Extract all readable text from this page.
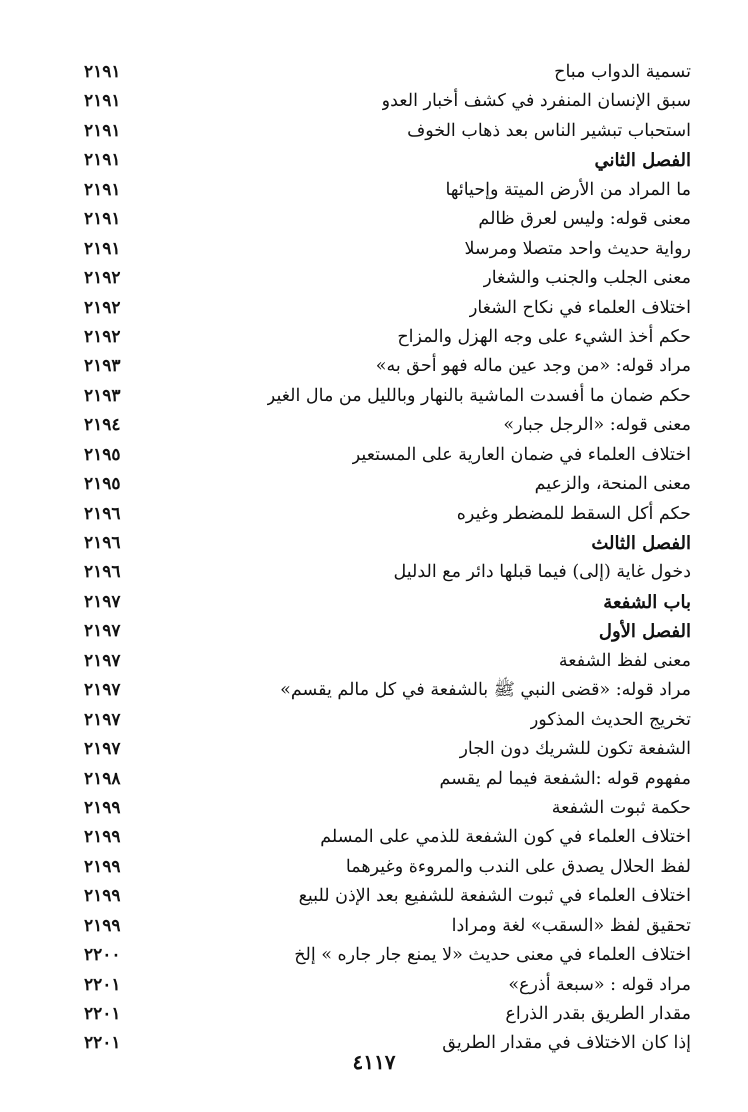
تسمية الدواب مباح
٢١٩١
سبق الإنسان المنفرد في كشف أخبار العدو
٢١٩١
استحباب تبشير الناس بعد ذهاب الخوف
٢١٩١
الفصل الثاني
٢١٩١
ما المراد من الأرض الميتة وإحيائها
٢١٩١
معنى قوله: وليس لعرق ظالم
٢١٩١
رواية حديث واحد متصلا ومرسلا
٢١٩١
معنى الجلب والجنب والشغار
٢١٩٢
اختلاف العلماء في نكاح الشغار
٢١٩٢
حكم أخذ الشيء على وجه الهزل والمزاح
٢١٩٢
مراد قوله: «من وجد عين ماله فهو أحق به»
٢١٩٣
حكم ضمان ما أفسدت الماشية بالنهار وبالليل من مال الغير
٢١٩٣
معنى قوله: «الرجل جبار»
٢١٩٤
اختلاف العلماء في ضمان العارية على المستعير
٢١٩٥
معنى المنحة، والزعيم
٢١٩٥
حكم أكل السقط للمضطر وغيره
٢١٩٦
الفصل الثالث
٢١٩٦
دخول غاية (إلى) فيما قبلها دائر مع الدليل
٢١٩٦
باب الشفعة
٢١٩٧
الفصل الأول
٢١٩٧
معنى لفظ الشفعة
٢١٩٧
مراد قوله: «قضى النبي ﷺ بالشفعة في كل مالم يقسم»
٢١٩٧
تخريج الحديث المذكور
٢١٩٧
الشفعة تكون للشريك دون الجار
٢١٩٧
مفهوم قوله :الشفعة فيما لم يقسم
٢١٩٨
حكمة ثبوت الشفعة
٢١٩٩
اختلاف العلماء في كون الشفعة للذمي على المسلم
٢١٩٩
لفظ الحلال يصدق على الندب والمروءة وغيرهما
٢١٩٩
اختلاف العلماء في ثبوت الشفعة للشفيع بعد الإذن للبيع
٢١٩٩
تحقيق لفظ «السقب» لغة ومرادا
٢١٩٩
اختلاف العلماء في معنى حديث «لا يمنع جار جاره » إلخ
٢٢٠٠
مراد قوله : «سبعة أذرع»
٢٢٠١
مقدار الطريق بقدر الذراع
٢٢٠١
إذا كان الاختلاف في مقدار الطريق
٢٢٠١
٤١١٧
